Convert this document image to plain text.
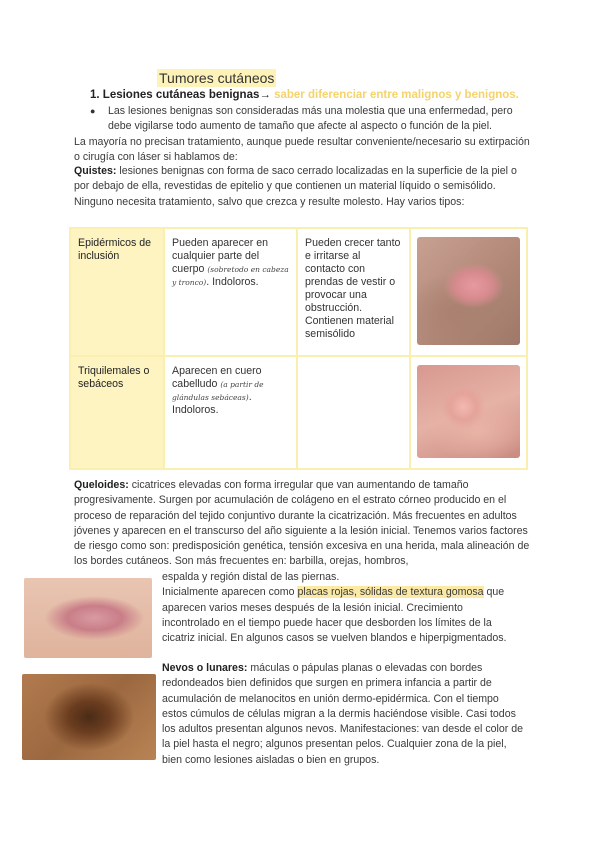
Tumores cutáneos
1. Lesiones cutáneas benignas→ saber diferenciar entre malignos y benignos.
● Las lesiones benignas son consideradas más una molestia que una enfermedad, pero debe vigilarse todo aumento de tamaño que afecte al aspecto o función de la piel.
La mayoría no precisan tratamiento, aunque puede resultar conveniente/necesario su extirpación o cirugía con láser si hablamos de:
Quistes: lesiones benignas con forma de saco cerrado localizadas en la superficie de la piel o por debajo de ella, revestidas de epitelio y que contienen un material líquido o semisólido. Ninguno necesita tratamiento, salvo que crezca y resulte molesto. Hay varios tipos:
Epidérmicos de inclusión	Pueden aparecer en cualquier parte del cuerpo (sobretodo en cabeza y tronco). Indoloros.	Pueden crecer tanto e irritarse al contacto con prendas de vestir o provocar una obstrucción. Contienen material semisólido	

Triquilemales o sebáceos	Aparecen en cuero cabelludo (a partir de glándulas sebáceas). Indoloros.		
Queloides: cicatrices elevadas con forma irregular que van aumentando de tamaño progresivamente. Surgen por acumulación de colágeno en el estrato córneo producido en el proceso de reparación del tejido conjuntivo durante la cicatrización. Más frecuentes en adultos jóvenes y aparecen en el transcurso del año siguiente a la lesión inicial. Tenemos varios factores de riesgo como son: predisposición genética, tensión excesiva en una herida, mala alineación de los bordes cutáneos. Son más frecuentes en: barbilla, orejas, hombros,
espalda y región distal de las piernas.
Inicialmente aparecen como placas rojas, sólidas de textura gomosa que aparecen varios meses después de la lesión inicial. Crecimiento incontrolado en el tiempo puede hacer que desborden los límites de la cicatriz inicial. En algunos casos se vuelven blandos e hiperpigmentados.
Nevos o lunares: máculas o pápulas planas o elevadas con bordes redondeados bien definidos que surgen en primera infancia a partir de acumulación de melanocitos en unión dermo-epidérmica. Con el tiempo estos cúmulos de células migran a la dermis haciéndose visible. Casi todos los adultos presentan algunos nevos. Manifestaciones: van desde el color de la piel hasta el negro; algunos presentan pelos. Cualquier zona de la piel, bien como lesiones aisladas o bien en grupos.
